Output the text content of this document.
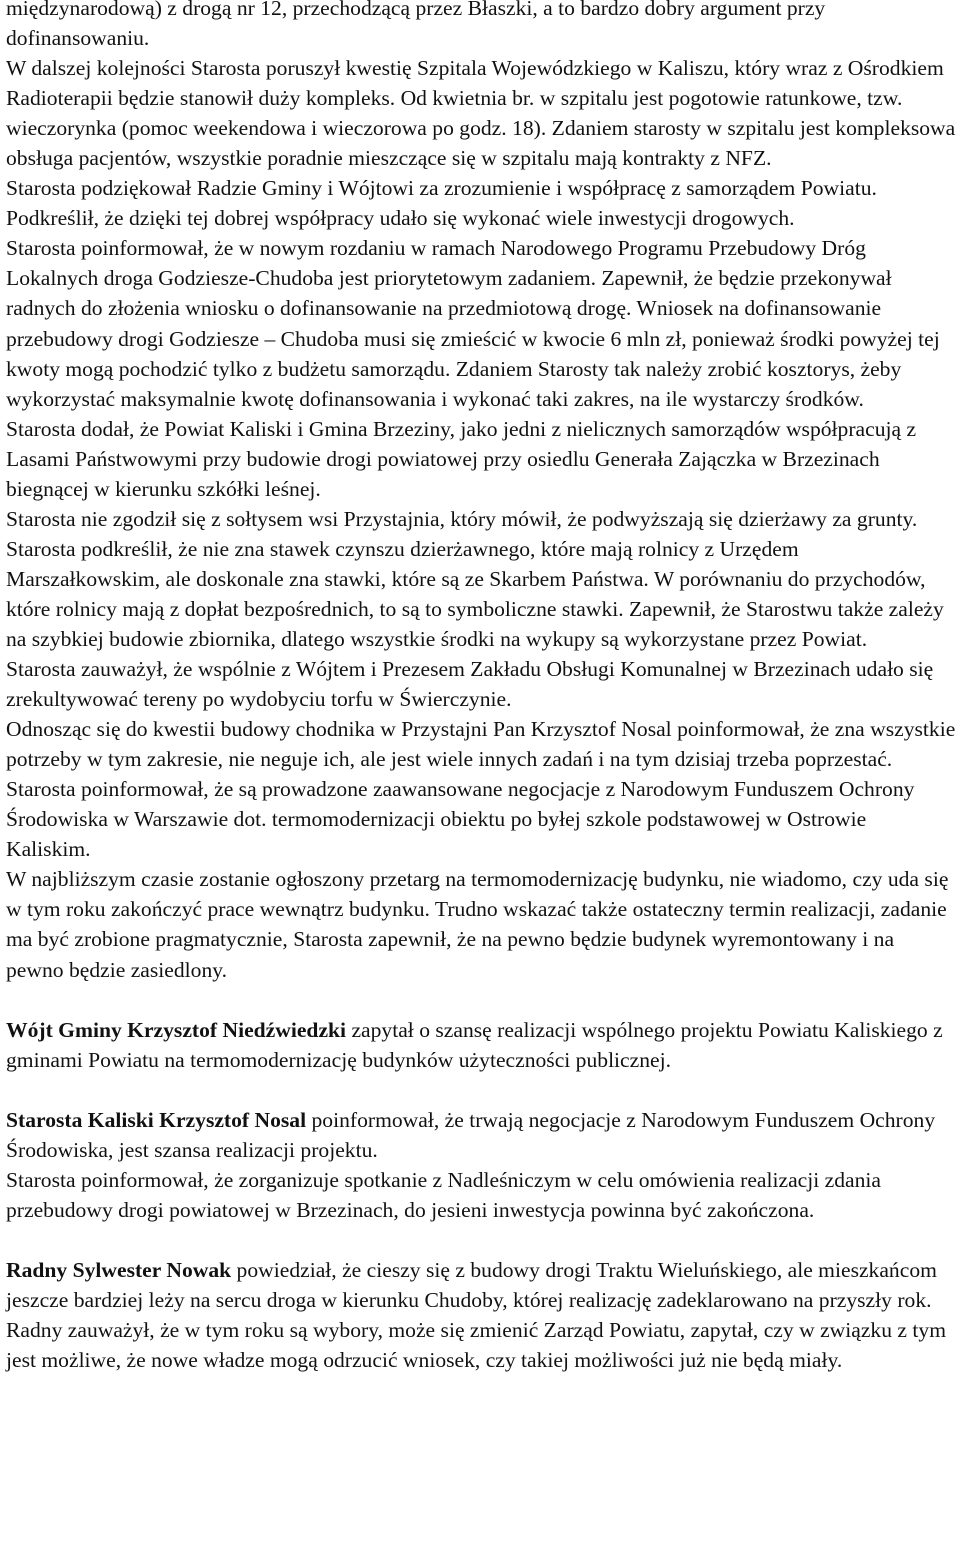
międzynarodową) z drogą nr 12, przechodzącą przez Błaszki, a to bardzo dobry argument przy dofinansowaniu.

W dalszej kolejności Starosta poruszył kwestię Szpitala Wojewódzkiego w Kaliszu, który wraz z Ośrodkiem Radioterapii będzie stanowił duży kompleks. Od kwietnia br. w szpitalu jest pogotowie ratunkowe, tzw. wieczorynka (pomoc weekendowa i wieczorowa po godz. 18). Zdaniem starosty w szpitalu jest kompleksowa obsługa pacjentów, wszystkie poradnie mieszczące się w szpitalu mają kontrakty z NFZ.

Starosta podziękował Radzie Gminy i Wójtowi za zrozumienie i współpracę z samorządem Powiatu. Podkreślił, że dzięki tej dobrej współpracy udało się wykonać wiele inwestycji drogowych.

Starosta poinformował, że w nowym rozdaniu w ramach Narodowego Programu Przebudowy Dróg Lokalnych droga Godziesze-Chudoba jest priorytetowym zadaniem. Zapewnił, że będzie przekonywał radnych do złożenia wniosku o dofinansowanie na przedmiotową drogę. Wniosek na dofinansowanie przebudowy drogi Godziesze – Chudoba musi się zmieścić w kwocie 6 mln zł, ponieważ środki powyżej tej kwoty mogą pochodzić tylko z budżetu samorządu. Zdaniem Starosty tak należy zrobić kosztorys, żeby wykorzystać maksymalnie kwotę dofinansowania i wykonać taki zakres, na ile wystarczy środków.

Starosta dodał, że Powiat Kaliski i Gmina Brzeziny, jako jedni z nielicznych samorządów współpracują z Lasami Państwowymi przy budowie drogi powiatowej przy osiedlu Generała Zajączka w Brzezinach biegnącej w kierunku szkółki leśnej.

Starosta nie zgodził się z sołtysem wsi Przystajnia, który mówił, że podwyższają się dzierżawy za grunty. Starosta podkreślił, że nie zna stawek czynszu dzierżawnego, które mają rolnicy z Urzędem Marszałkowskim, ale doskonale zna stawki, które są ze Skarbem Państwa. W porównaniu do przychodów, które rolnicy mają z dopłat bezpośrednich, to są to symboliczne stawki. Zapewnił, że Starostwu także zależy na szybkiej budowie zbiornika, dlatego wszystkie środki na wykupy są wykorzystane przez Powiat.

Starosta zauważył, że wspólnie z Wójtem i Prezesem Zakładu Obsługi Komunalnej w Brzezinach udało się zrekultywować tereny po wydobyciu torfu w Świerczynie.

Odnosząc się do kwestii budowy chodnika w Przystajni Pan Krzysztof Nosal poinformował, że zna wszystkie potrzeby w tym zakresie, nie neguje ich, ale jest wiele innych zadań i na tym dzisiaj trzeba poprzestać.

Starosta poinformował, że są prowadzone zaawansowane negocjacje z Narodowym Funduszem Ochrony Środowiska w Warszawie dot. termomodernizacji obiektu po byłej szkole podstawowej w Ostrowie Kaliskim.

W najbliższym czasie zostanie ogłoszony przetarg na termomodernizację budynku, nie wiadomo, czy uda się w tym roku zakończyć prace wewnątrz budynku. Trudno wskazać także ostateczny termin realizacji, zadanie ma być zrobione pragmatycznie, Starosta zapewnił, że na pewno będzie budynek wyremontowany i na pewno będzie zasiedlony.

Wójt Gminy Krzysztof Niedźwiedzki zapytał o szansę realizacji wspólnego projektu Powiatu Kaliskiego z gminami Powiatu na termomodernizację budynków użyteczności publicznej.

Starosta Kaliski Krzysztof Nosal poinformował, że trwają negocjacje z Narodowym Funduszem Ochrony Środowiska, jest szansa realizacji projektu.

Starosta poinformował, że zorganizuje spotkanie z Nadleśniczym w celu omówienia realizacji zdania przebudowy drogi powiatowej w Brzezinach, do jesieni inwestycja powinna być zakończona.

Radny Sylwester Nowak powiedział, że cieszy się z budowy drogi Traktu Wieluńskiego, ale mieszkańcom jeszcze bardziej leży na sercu droga w kierunku Chudoby, której realizację zadeklarowano na przyszły rok. Radny zauważył, że w tym roku są wybory, może się zmienić Zarząd Powiatu, zapytał, czy w związku z tym jest możliwe, że nowe władze mogą odrzucić wniosek, czy takiej możliwości już nie będą miały.
